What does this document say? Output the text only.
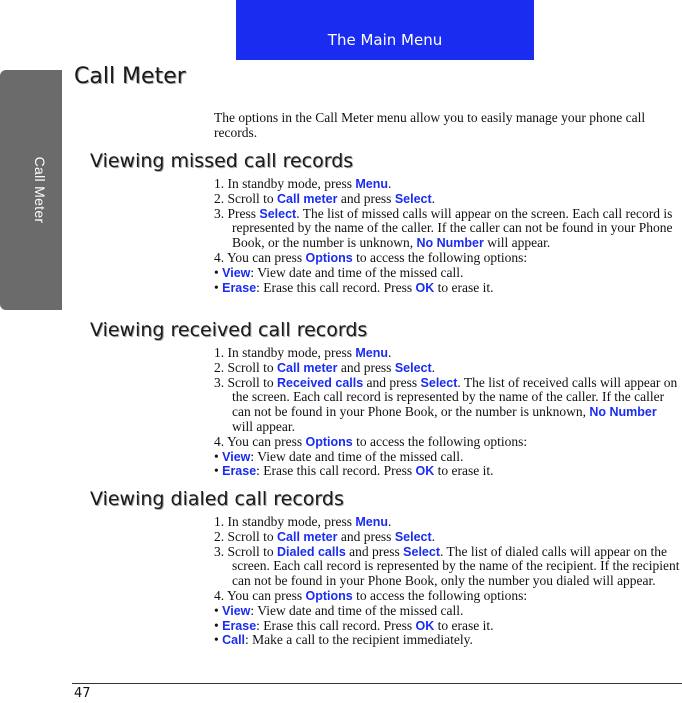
Call Meter
The Main Menu
Call Meter

The options in the Call Meter menu allow you to easily manage your phone call records.

Viewing missed call records
1. In standby mode, press Menu.
2. Scroll to Call meter and press Select.
3. Press Select. The list of missed calls will appear on the screen. Each call record is represented by the name of the caller. If the caller can not be found in your Phone Book, or the number is unknown, No Number will appear.
4. You can press Options to access the following options:
• View: View date and time of the missed call.
• Erase: Erase this call record. Press OK to erase it.
Viewing received call records
1. In standby mode, press Menu.
2. Scroll to Call meter and press Select.
3. Scroll to Received calls and press Select. The list of received calls will appear on the screen. Each call record is represented by the name of the caller. If the caller can not be found in your Phone Book, or the number is unknown, No Number will appear.
4. You can press Options to access the following options:
• View: View date and time of the missed call.
• Erase: Erase this call record. Press OK to erase it.
Viewing dialed call records
1. In standby mode, press Menu.
2. Scroll to Call meter and press Select.
3. Scroll to Dialed calls and press Select. The list of dialed calls will appear on the screen. Each call record is represented by the name of the recipient. If the recipient can not be found in your Phone Book, only the number you dialed will appear.
4. You can press Options to access the following options:
• View: View date and time of the missed call.
• Erase: Erase this call record. Press OK to erase it.
• Call: Make a call to the recipient immediately.
47
